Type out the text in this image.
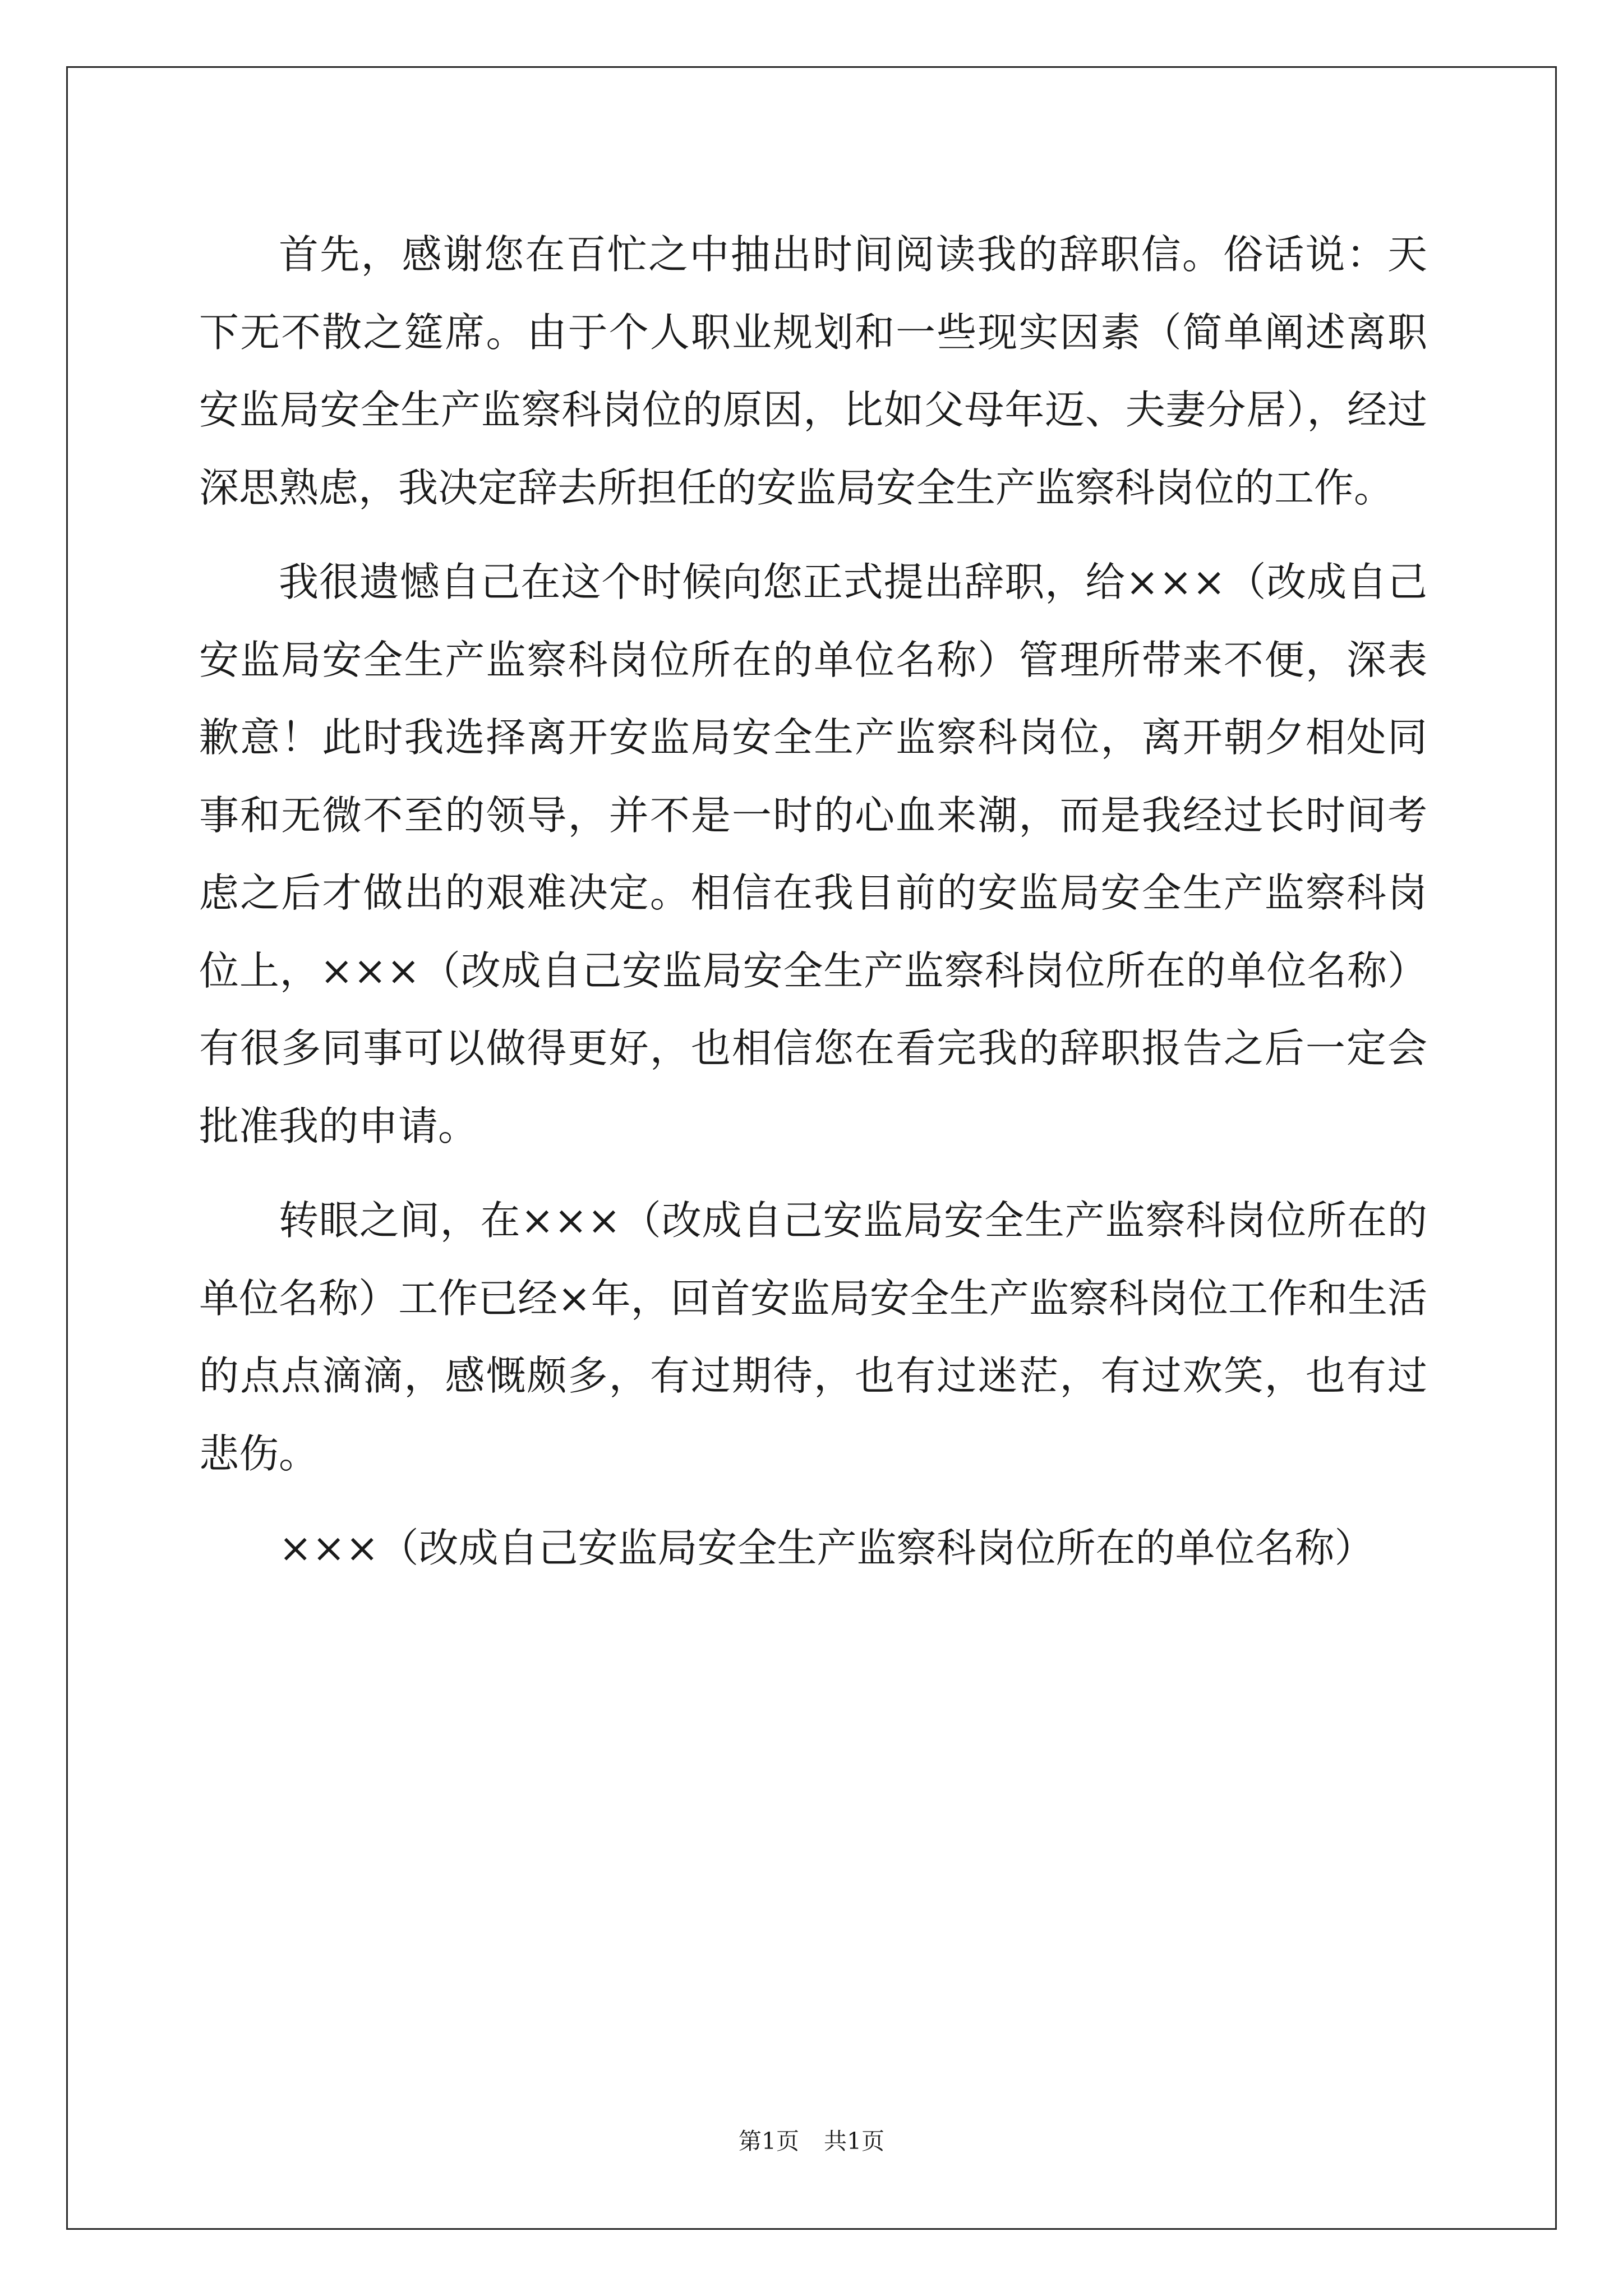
首先，感谢您在百忙之中抽出时间阅读我的辞职信。俗话说：天下无不散之筵席。由于个人职业规划和一些现实因素（简单阐述离职安监局安全生产监察科岗位的原因，比如父母年迈、夫妻分居），经过深思熟虑，我决定辞去所担任的安监局安全生产监察科岗位的工作。

我很遗憾自己在这个时候向您正式提出辞职，给×××（改成自己安监局安全生产监察科岗位所在的单位名称）管理所带来不便，深表歉意！此时我选择离开安监局安全生产监察科岗位，离开朝夕相处同事和无微不至的领导，并不是一时的心血来潮，而是我经过长时间考虑之后才做出的艰难决定。相信在我目前的安监局安全生产监察科岗位上，×××（改成自己安监局安全生产监察科岗位所在的单位名称）有很多同事可以做得更好，也相信您在看完我的辞职报告之后一定会批准我的申请。

转眼之间，在×××（改成自己安监局安全生产监察科岗位所在的单位名称）工作已经×年，回首安监局安全生产监察科岗位工作和生活的点点滴滴，感慨颇多，有过期待，也有过迷茫，有过欢笑，也有过悲伤。

×××（改成自己安监局安全生产监察科岗位所在的单位名称）

第1页 共1页
